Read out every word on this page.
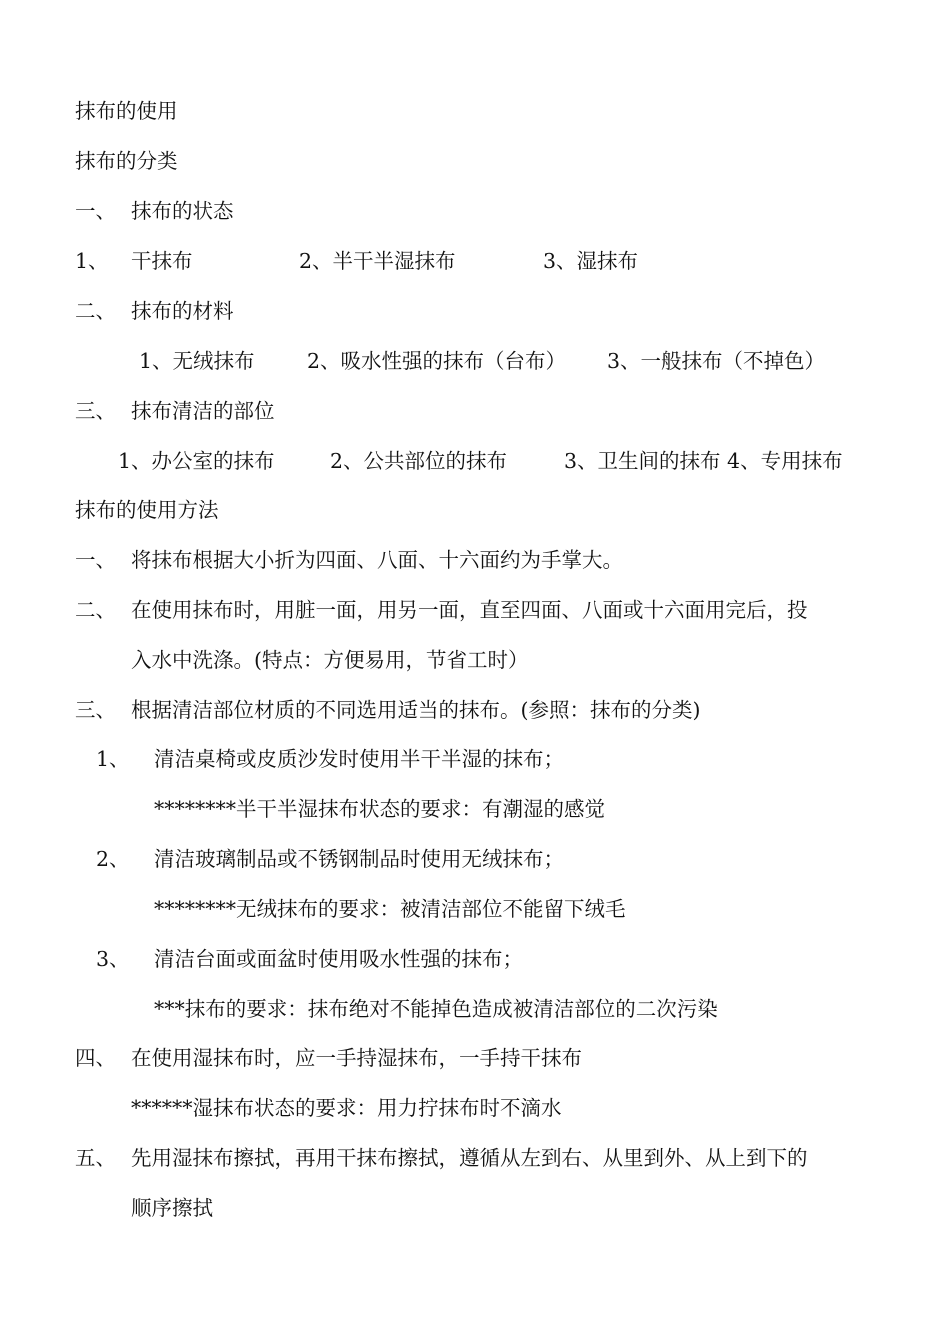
抹布的使用
抹布的分类
一、 抹布的状态
1、 干抹布	2、半干半湿抹布	3、湿抹布
二、 抹布的材料
1、无绒抹布	2、吸水性强的抹布（台布） 3、一般抹布（不掉色）
三、 抹布清洁的部位
1、办公室的抹布	2、公共部位的抹布	3、卫生间的抹布 4、专用抹布
抹布的使用方法
一、 将抹布根据大小折为四面、八面、十六面约为手掌大。
二、 在使用抹布时，用脏一面，用另一面，直至四面、八面或十六面用完后，投
入水中洗涤。(特点：方便易用，节省工时）
三、 根据清洁部位材质的不同选用适当的抹布。(参照：抹布的分类)
1、 清洁桌椅或皮质沙发时使用半干半湿的抹布；
********半干半湿抹布状态的要求：有潮湿的感觉
2、 清洁玻璃制品或不锈钢制品时使用无绒抹布；
********无绒抹布的要求：被清洁部位不能留下绒毛
3、 清洁台面或面盆时使用吸水性强的抹布；
***抹布的要求：抹布绝对不能掉色造成被清洁部位的二次污染
四、 在使用湿抹布时，应一手持湿抹布，一手持干抹布
******湿抹布状态的要求：用力拧抹布时不滴水
五、 先用湿抹布擦拭，再用干抹布擦拭，遵循从左到右、从里到外、从上到下的
顺序擦拭
